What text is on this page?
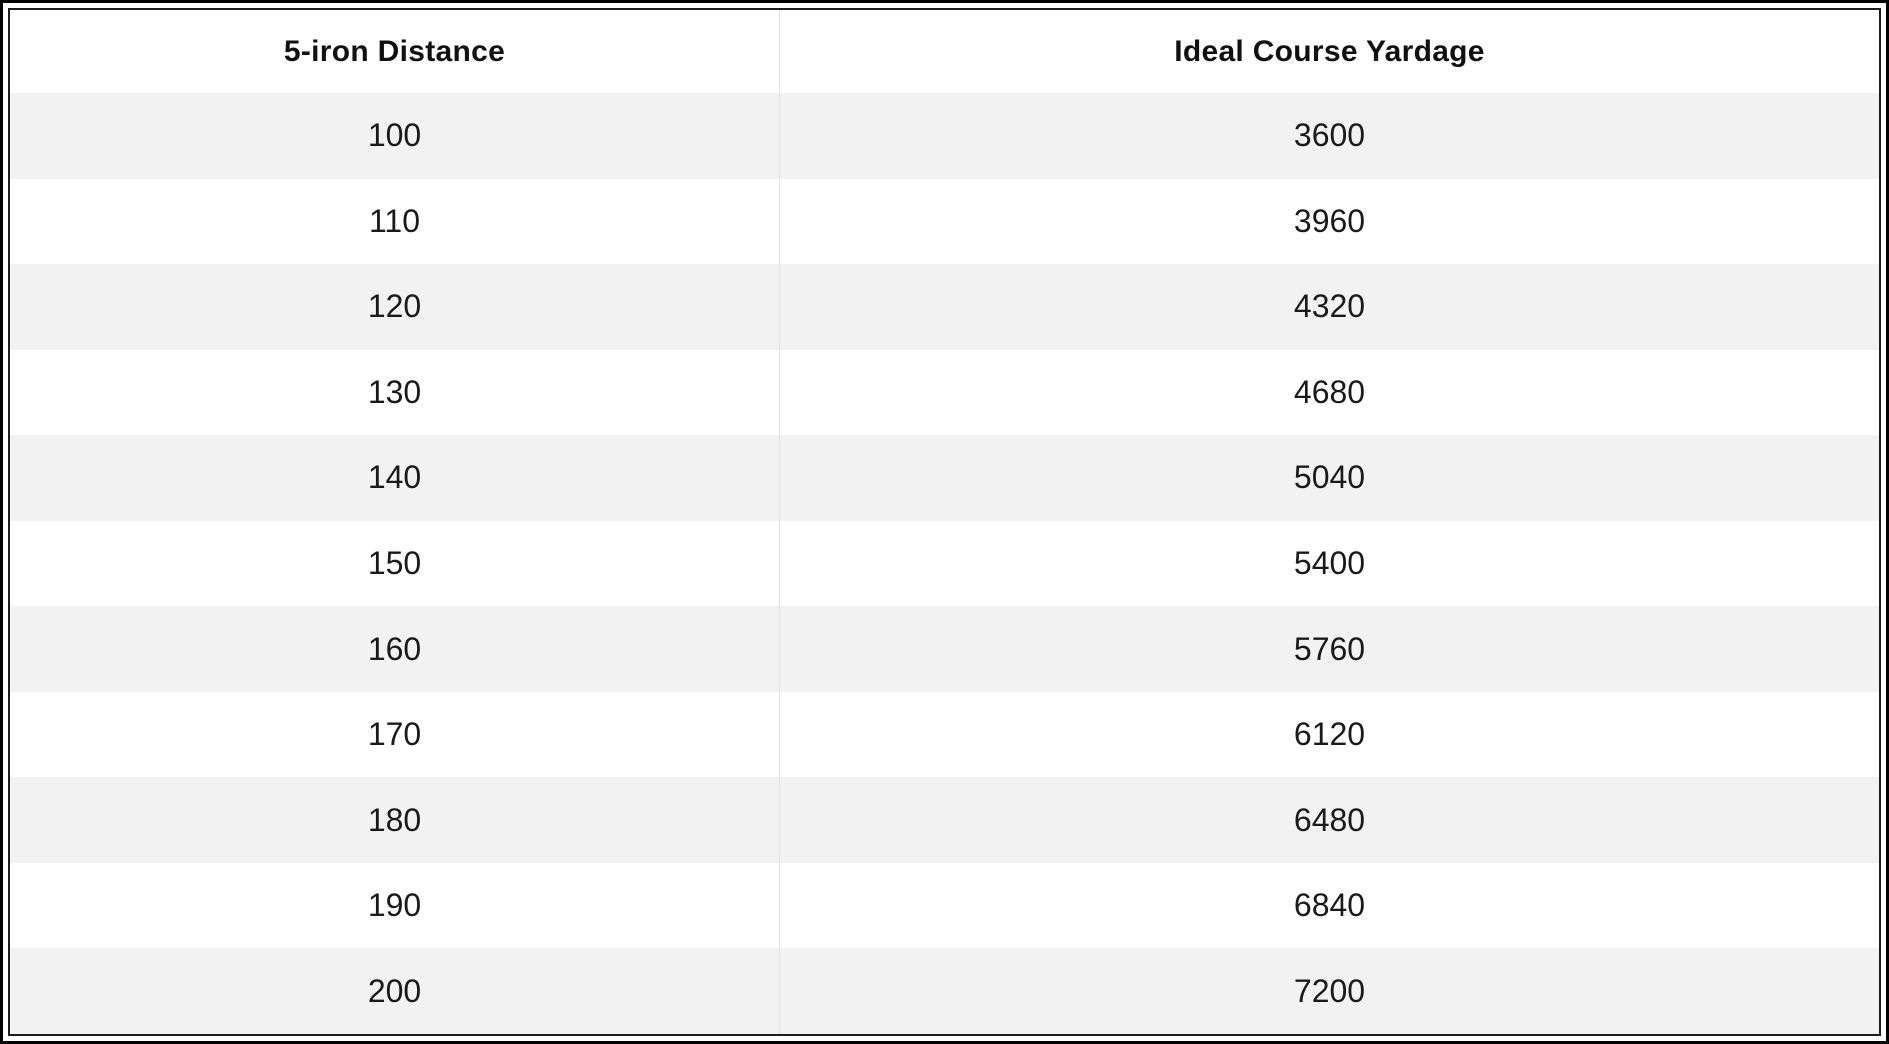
5-iron Distance	Ideal Course Yardage
100	3600
110	3960
120	4320
130	4680
140	5040
150	5400
160	5760
170	6120
180	6480
190	6840
200	7200
